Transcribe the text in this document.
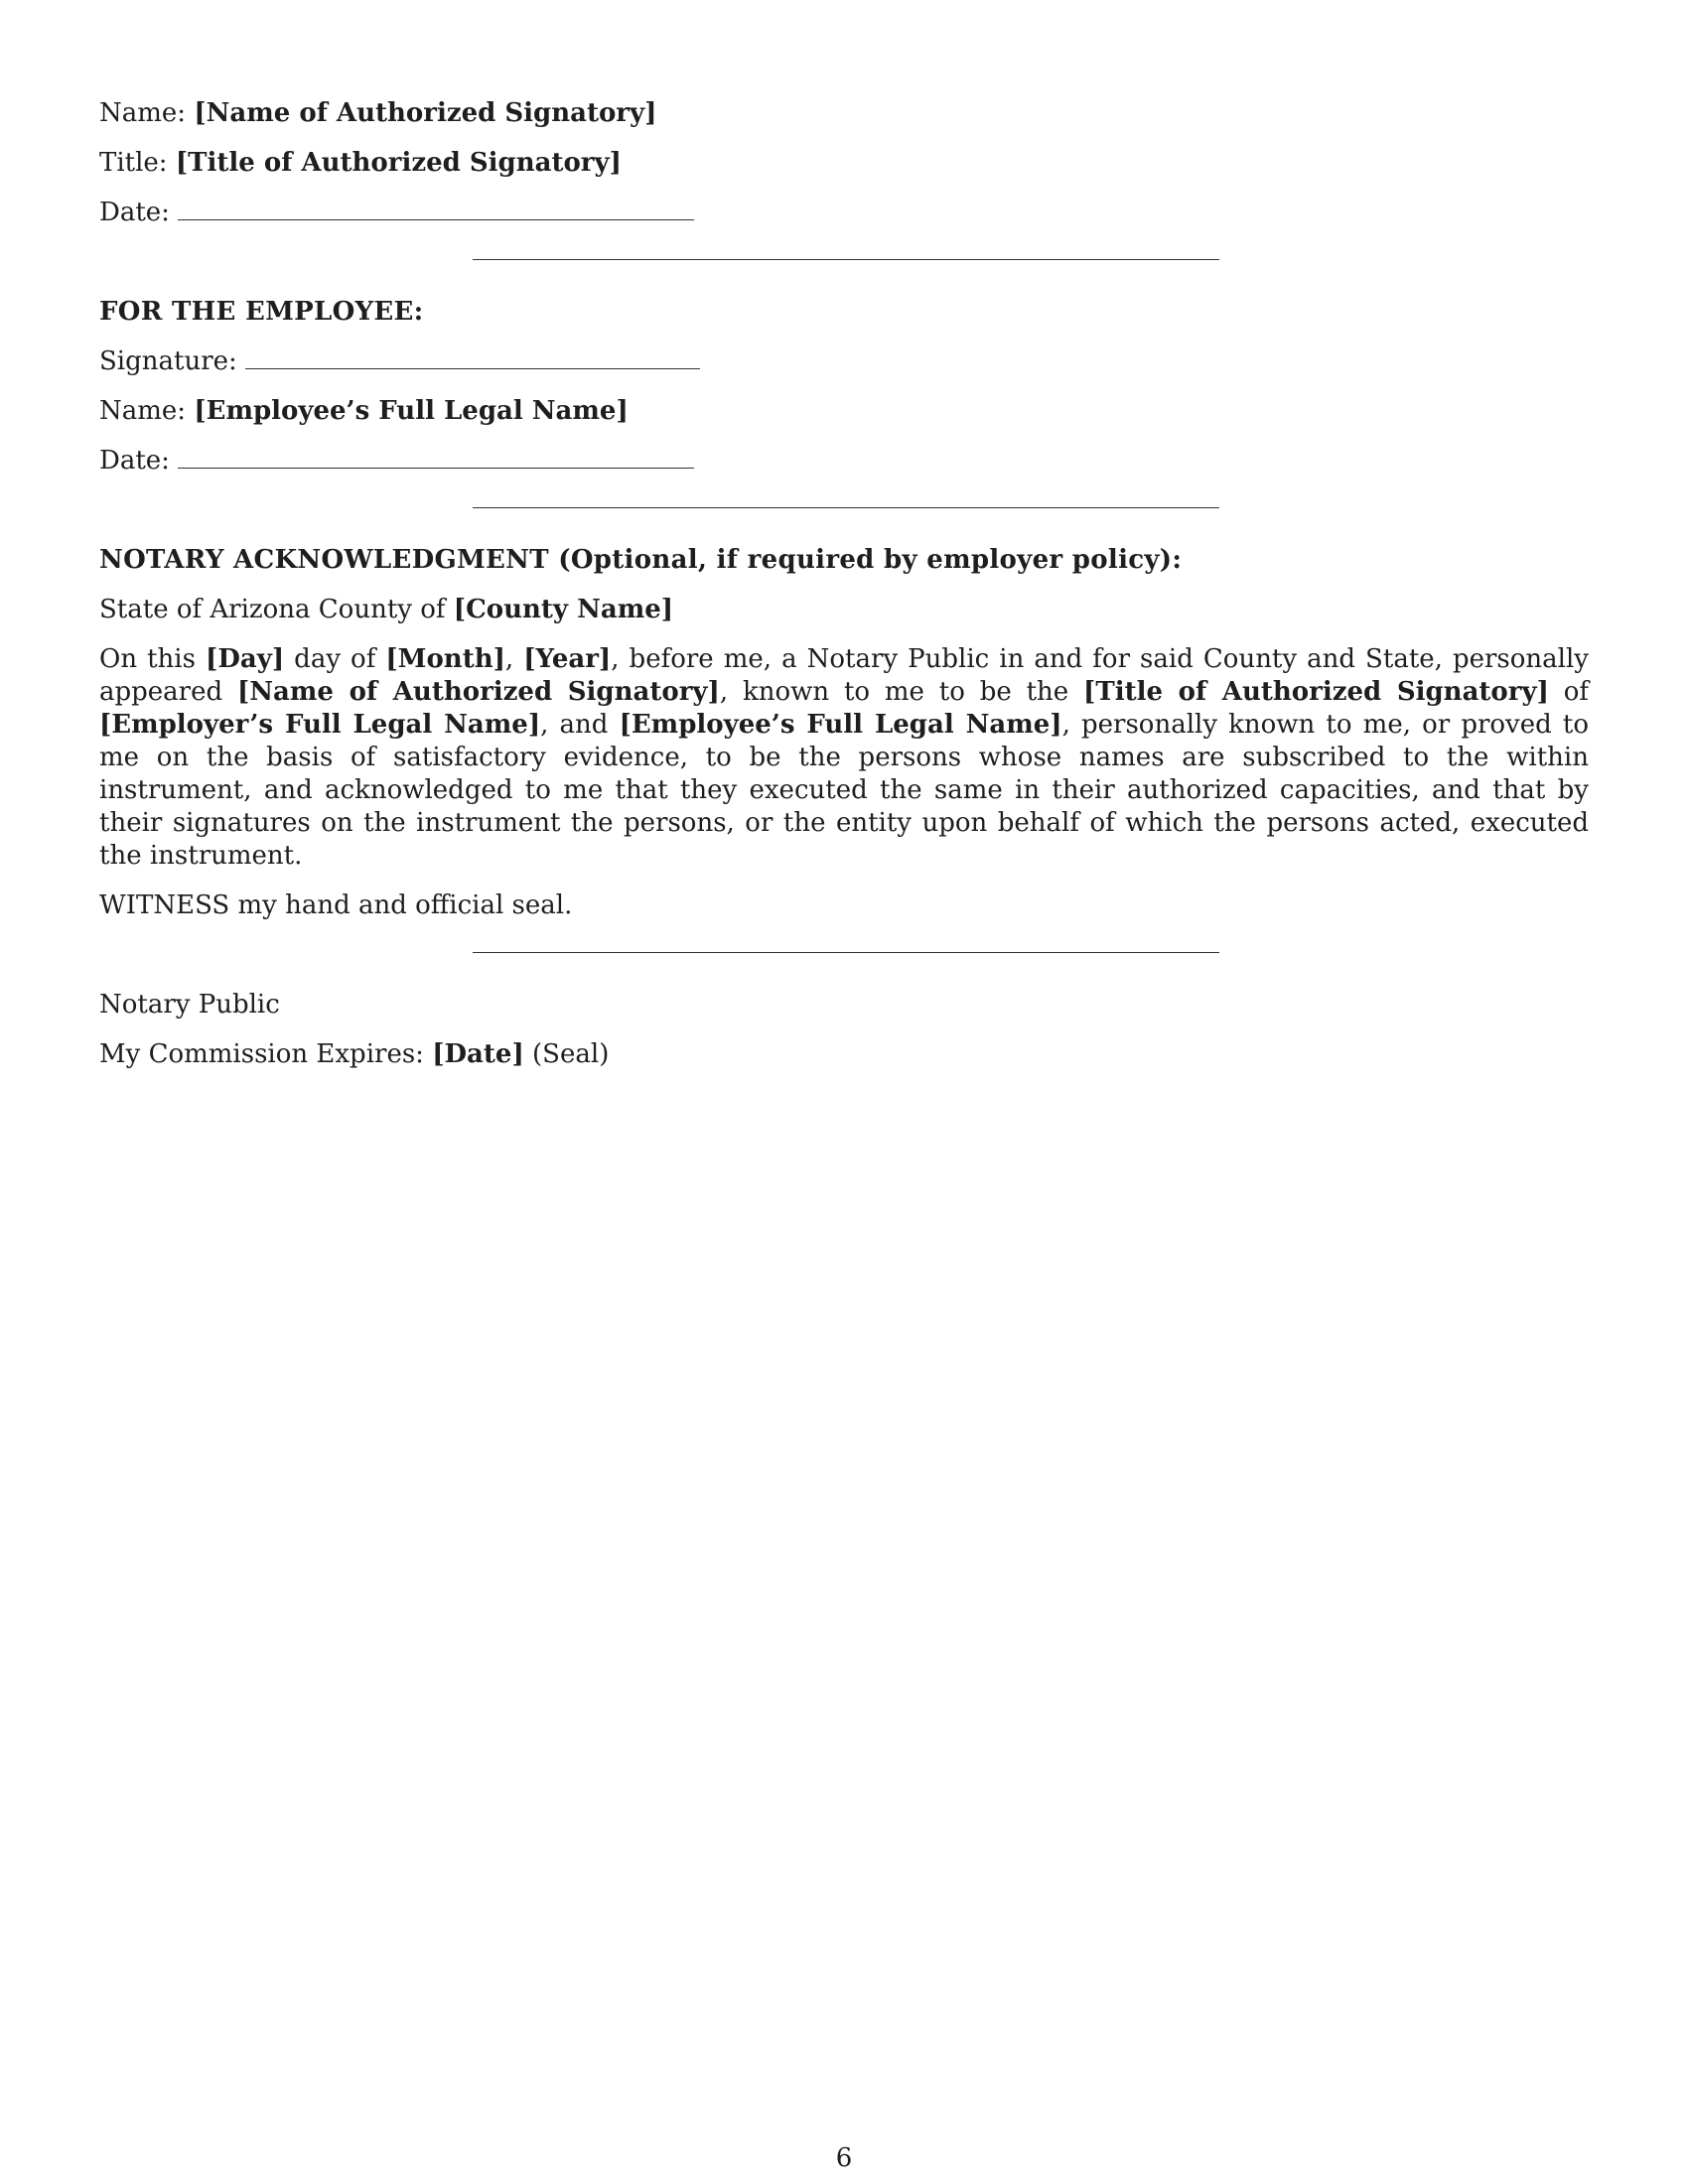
Name: [Name of Authorized Signatory]
Title: [Title of Authorized Signatory]
Date:
FOR THE EMPLOYEE:
Signature:
Name: [Employee’s Full Legal Name]
Date:
NOTARY ACKNOWLEDGMENT (Optional, if required by employer policy):
State of Arizona County of [County Name]

On this [Day] day of [Month], [Year], before me, a Notary Public in and for said County and State, personally appeared [Name of Authorized Signatory], known to me to be the [Title of Authorized Signatory] of [Employer’s Full Legal Name], and [Employee’s Full Legal Name], personally known to me, or proved to me on the basis of satisfactory evidence, to be the persons whose names are subscribed to the within instrument, and acknowledged to me that they executed the same in their authorized capacities, and that by their signatures on the instrument the persons, or the entity upon behalf of which the persons acted, executed the instrument.

WITNESS my hand and official seal.
Notary Public
My Commission Expires: [Date] (Seal)
6
